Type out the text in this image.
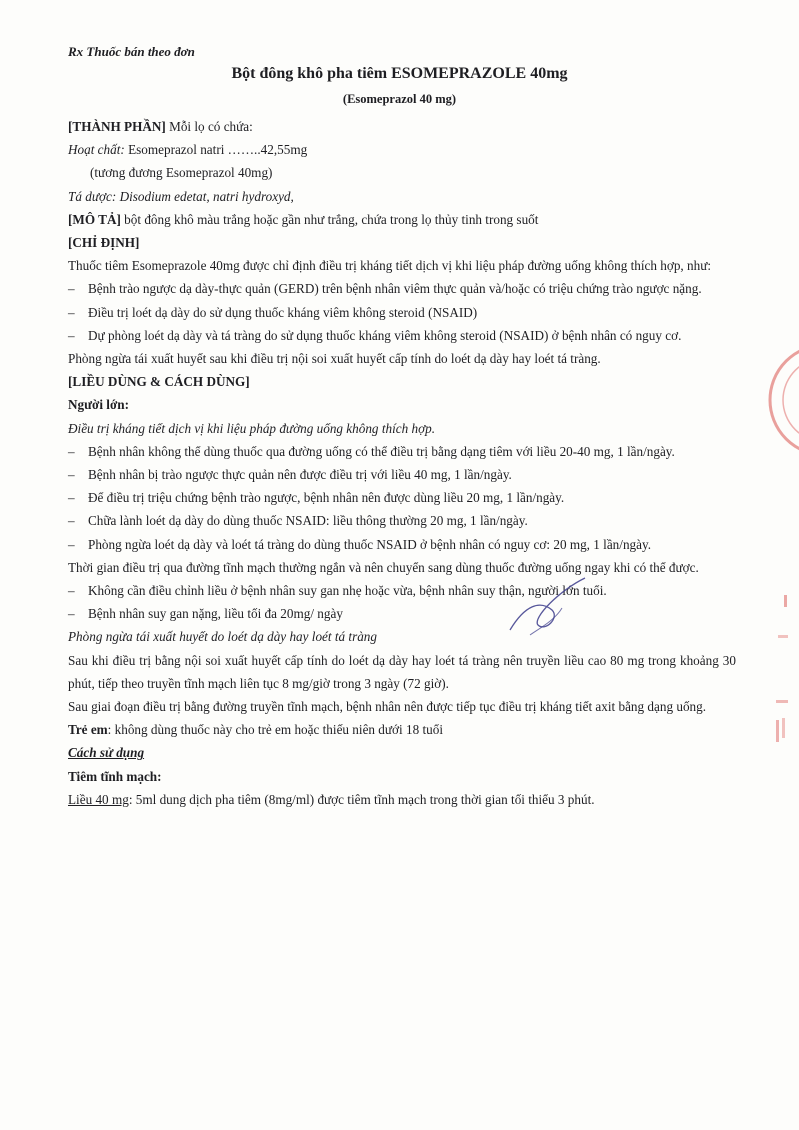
Rx Thuốc bán theo đơn
Bột đông khô pha tiêm ESOMEPRAZOLE 40mg
(Esomeprazol 40 mg)
[THÀNH PHẦN] Mỗi lọ có chứa:
Hoạt chất: Esomeprazol natri ……..42,55mg
(tương đương Esomeprazol 40mg)
Tá dược: Disodium edetat, natri hydroxyd,
[MÔ TẢ] bột đông khô màu trắng hoặc gần như trắng, chứa trong lọ thủy tinh trong suốt
[CHỈ ĐỊNH]
Thuốc tiêm Esomeprazole 40mg được chỉ định điều trị kháng tiết dịch vị khi liệu pháp đường uống không thích hợp, như:
– Bệnh trào ngược dạ dày-thực quản (GERD) trên bệnh nhân viêm thực quản và/hoặc có triệu chứng trào ngược nặng.
– Điều trị loét dạ dày do sử dụng thuốc kháng viêm không steroid (NSAID)
– Dự phòng loét dạ dày và tá tràng do sử dụng thuốc kháng viêm không steroid (NSAID) ở bệnh nhân có nguy cơ.
Phòng ngừa tái xuất huyết sau khi điều trị nội soi xuất huyết cấp tính do loét dạ dày hay loét tá tràng.
[LIỀU DÙNG & CÁCH DÙNG]
Người lớn:
Điều trị kháng tiết dịch vị khi liệu pháp đường uống không thích hợp.
– Bệnh nhân không thể dùng thuốc qua đường uống có thể điều trị bằng dạng tiêm với liều 20-40 mg, 1 lần/ngày.
– Bệnh nhân bị trào ngược thực quản nên được điều trị với liều 40 mg, 1 lần/ngày.
– Để điều trị triệu chứng bệnh trào ngược, bệnh nhân nên được dùng liều 20 mg, 1 lần/ngày.
– Chữa lành loét dạ dày do dùng thuốc NSAID: liều thông thường 20 mg, 1 lần/ngày.
– Phòng ngừa loét dạ dày và loét tá tràng do dùng thuốc NSAID ở bệnh nhân có nguy cơ: 20 mg, 1 lần/ngày.
Thời gian điều trị qua đường tĩnh mạch thường ngắn và nên chuyển sang dùng thuốc đường uống ngay khi có thể được.
– Không cần điều chỉnh liều ở bệnh nhân suy gan nhẹ hoặc vừa, bệnh nhân suy thận, người lớn tuổi.
– Bệnh nhân suy gan nặng, liều tối đa 20mg/ ngày
Phòng ngừa tái xuất huyết do loét dạ dày hay loét tá tràng
Sau khi điều trị bằng nội soi xuất huyết cấp tính do loét dạ dày hay loét tá tràng nên truyền liều cao 80 mg trong khoảng 30 phút, tiếp theo truyền tĩnh mạch liên tục 8 mg/giờ trong 3 ngày (72 giờ).
Sau giai đoạn điều trị bằng đường truyền tĩnh mạch, bệnh nhân nên được tiếp tục điều trị kháng tiết axit bằng dạng uống.
Trẻ em: không dùng thuốc này cho trẻ em hoặc thiếu niên dưới 18 tuổi
Cách sử dụng
Tiêm tĩnh mạch:
Liều 40 mg: 5ml dung dịch pha tiêm (8mg/ml) được tiêm tĩnh mạch trong thời gian tối thiểu 3 phút.
